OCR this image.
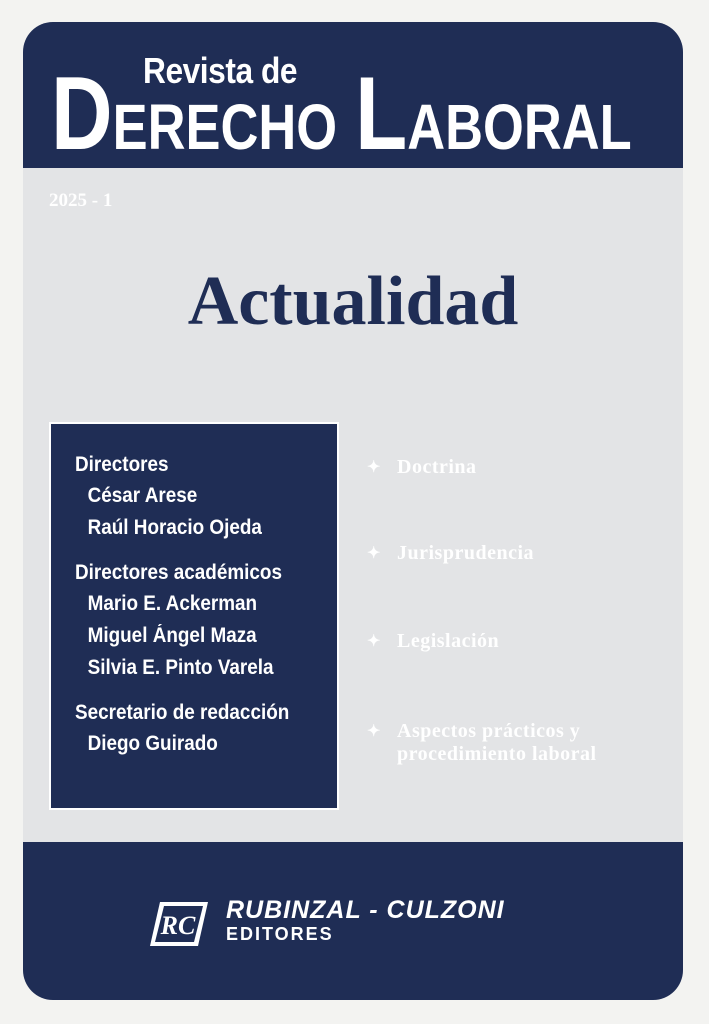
Revista de
DERECHO LABORAL
2025 - 1
Actualidad
Directores
César Arese
Raúl Horacio Ojeda
Directores académicos
Mario E. Ackerman
Miguel Ángel Maza
Silvia E. Pinto Varela
Secretario de redacción
Diego Guirado
✦ Doctrina
✦ Jurisprudencia
✦ Legislación
✦ Aspectos prácticos y
procedimiento laboral
RC
RUBINZAL - CULZONI
EDITORES
